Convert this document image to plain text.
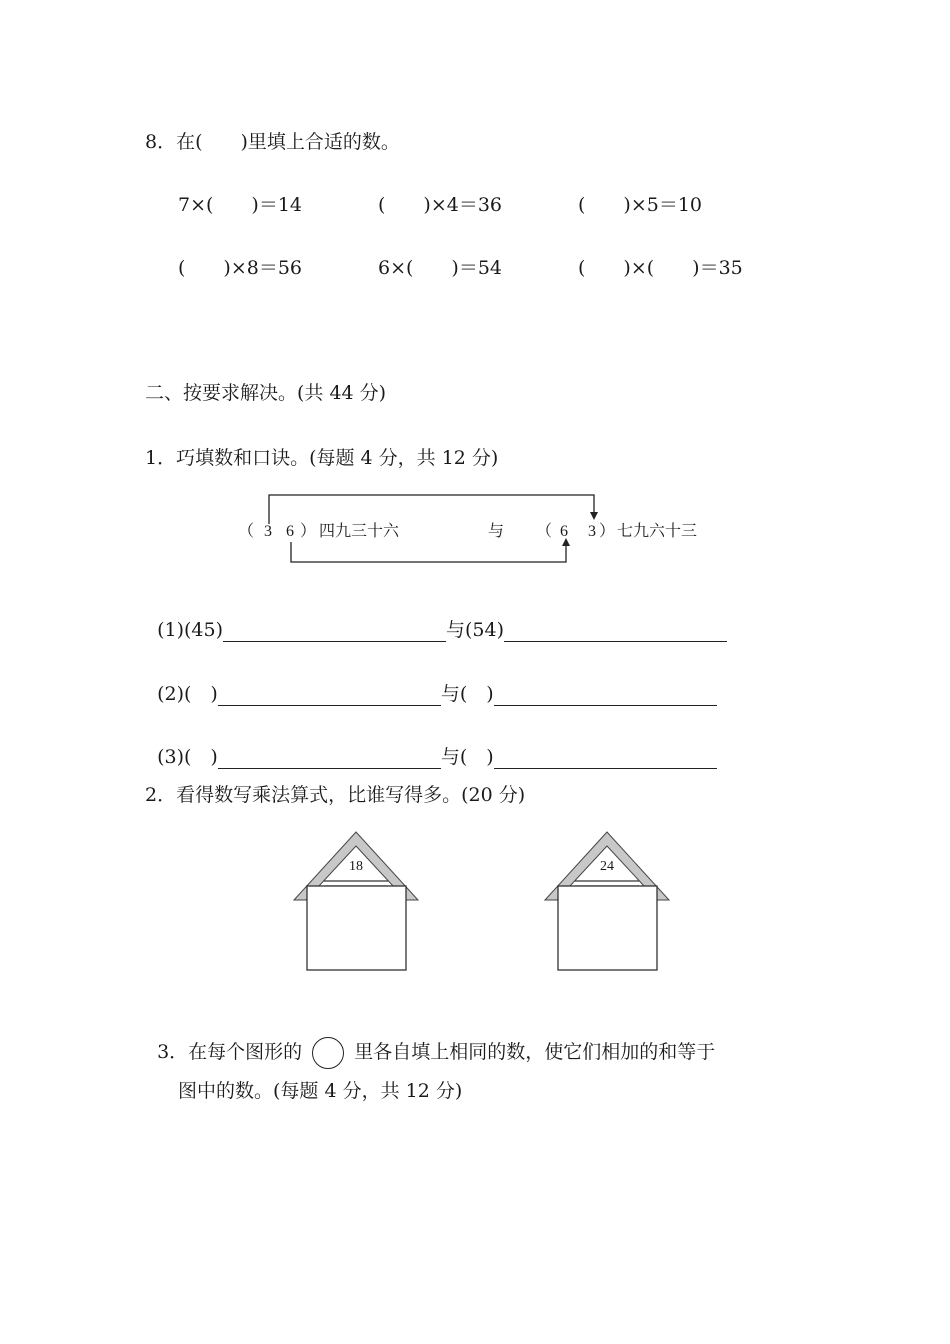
8．在(　　)里填上合适的数。
7×(　　)＝14	(　　)×4＝36	(　　)×5＝10
(　　)×8＝56	6×(　　)＝54	(　　)×(　　)＝35
二、按要求解决。(共 44 分)
1．巧填数和口诀。(每题 4 分，共 12 分)
（ 3 6 ） 四九三十六	与 （ 6 3 ） 七九六十三

(1)(45)	与(54)

(2)(　)	与(　)

(3)(　)	与(　)

2．看得数写乘法算式，比谁写得多。(20 分)
18	24

3．在每个图形的	里各自填上相同的数，使它们相加的和等于

图中的数。(每题 4 分，共 12 分)
